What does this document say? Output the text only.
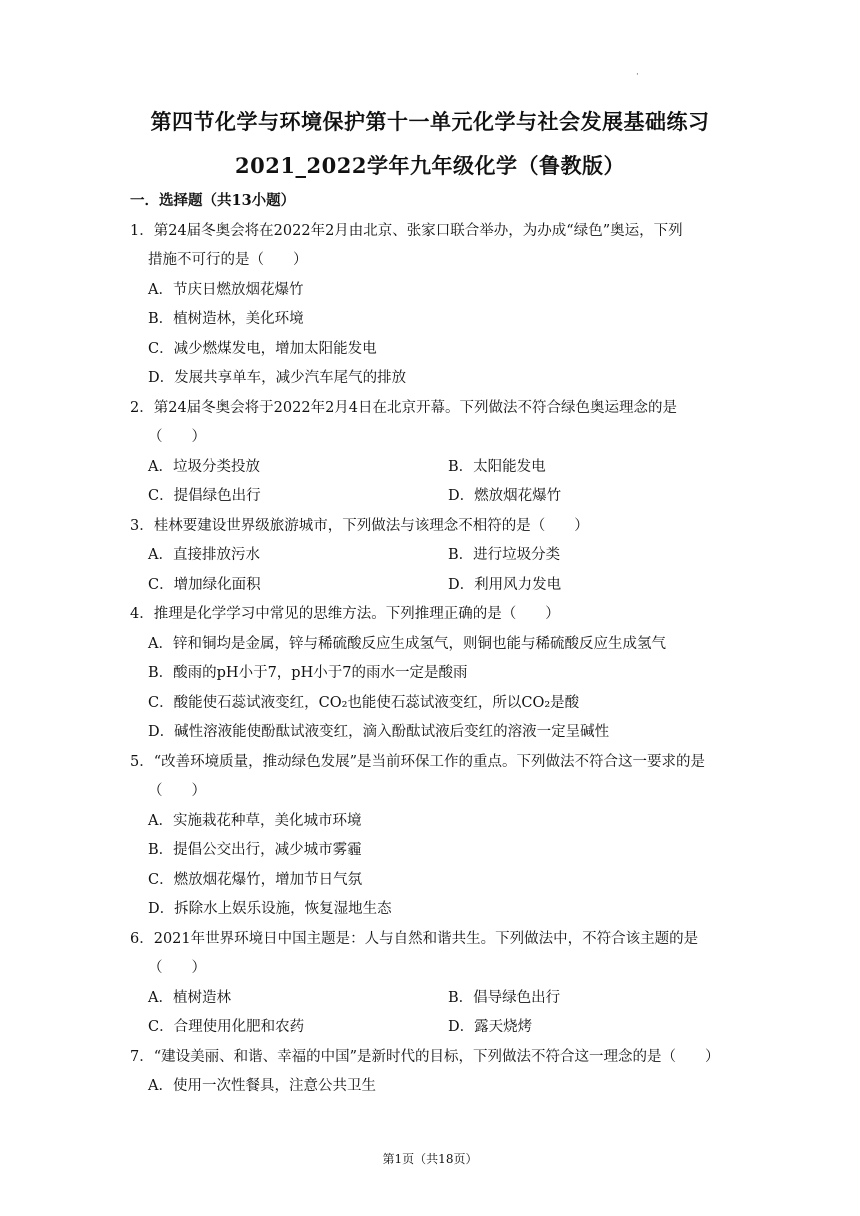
·
第四节化学与环境保护第十一单元化学与社会发展基础练习
2021_2022学年九年级化学（鲁教版）
一．选择题（共13小题）
1．第24届冬奥会将在2022年2月由北京、张家口联合举办，为办成“绿色”奥运，下列
措施不可行的是（　　）
A．节庆日燃放烟花爆竹
B．植树造林，美化环境
C．减少燃煤发电，增加太阳能发电
D．发展共享单车，减少汽车尾气的排放
2．第24届冬奥会将于2022年2月4日在北京开幕。下列做法不符合绿色奥运理念的是
（　　）
A．垃圾分类投放	B．太阳能发电
C．提倡绿色出行	D．燃放烟花爆竹
3．桂林要建设世界级旅游城市，下列做法与该理念不相符的是（　　）
A．直接排放污水	B．进行垃圾分类
C．增加绿化面积	D．利用风力发电
4．推理是化学学习中常见的思维方法。下列推理正确的是（　　）
A．锌和铜均是金属，锌与稀硫酸反应生成氢气，则铜也能与稀硫酸反应生成氢气
B．酸雨的pH小于7，pH小于7的雨水一定是酸雨
C．酸能使石蕊试液变红，CO₂也能使石蕊试液变红，所以CO₂是酸
D．碱性溶液能使酚酞试液变红，滴入酚酞试液后变红的溶液一定呈碱性
5．“改善环境质量，推动绿色发展”是当前环保工作的重点。下列做法不符合这一要求的是
（　　）
A．实施栽花种草，美化城市环境
B．提倡公交出行，减少城市雾霾
C．燃放烟花爆竹，增加节日气氛
D．拆除水上娱乐设施，恢复湿地生态
6．2021年世界环境日中国主题是：人与自然和谐共生。下列做法中，不符合该主题的是
（　　）
A．植树造林	B．倡导绿色出行
C．合理使用化肥和农药	D．露天烧烤
7．“建设美丽、和谐、幸福的中国”是新时代的目标，下列做法不符合这一理念的是（　　）
A．使用一次性餐具，注意公共卫生
第1页（共18页）
